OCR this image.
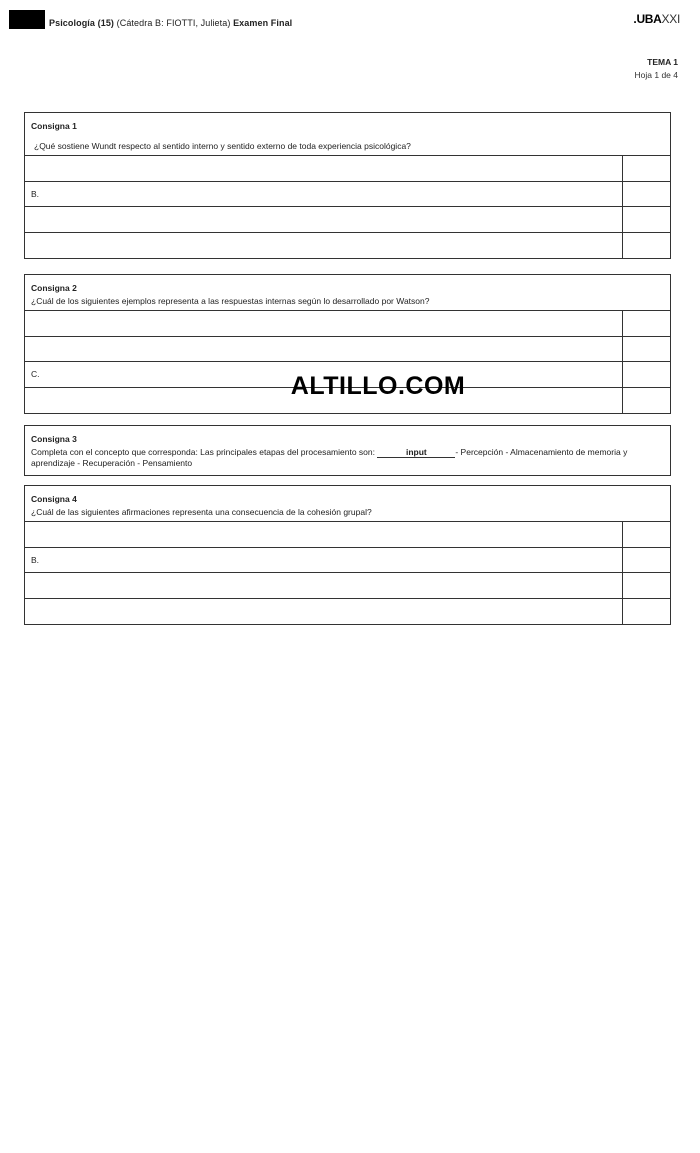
Psicología (15) (Cátedra B: FIOTTI, Julieta) Examen Final	.UBAXXI
TEMA 1
Hoja 1 de 4
Consigna 1
¿Qué sostiene Wundt respecto al sentido interno y sentido externo de toda experiencia psicológica?
B.
Consigna 2
¿Cuál de los siguientes ejemplos representa a las respuestas internas según lo desarrollado por Watson?
C.
Consigna 3
Completa con el concepto que corresponda: Las principales etapas del procesamiento son:	input	- Percepción - Almacenamiento de memoria y aprendizaje - Recuperación - Pensamiento
Consigna 4
¿Cuál de las siguientes afirmaciones representa una consecuencia de la cohesión grupal?
B.
ALTILLO.COM
